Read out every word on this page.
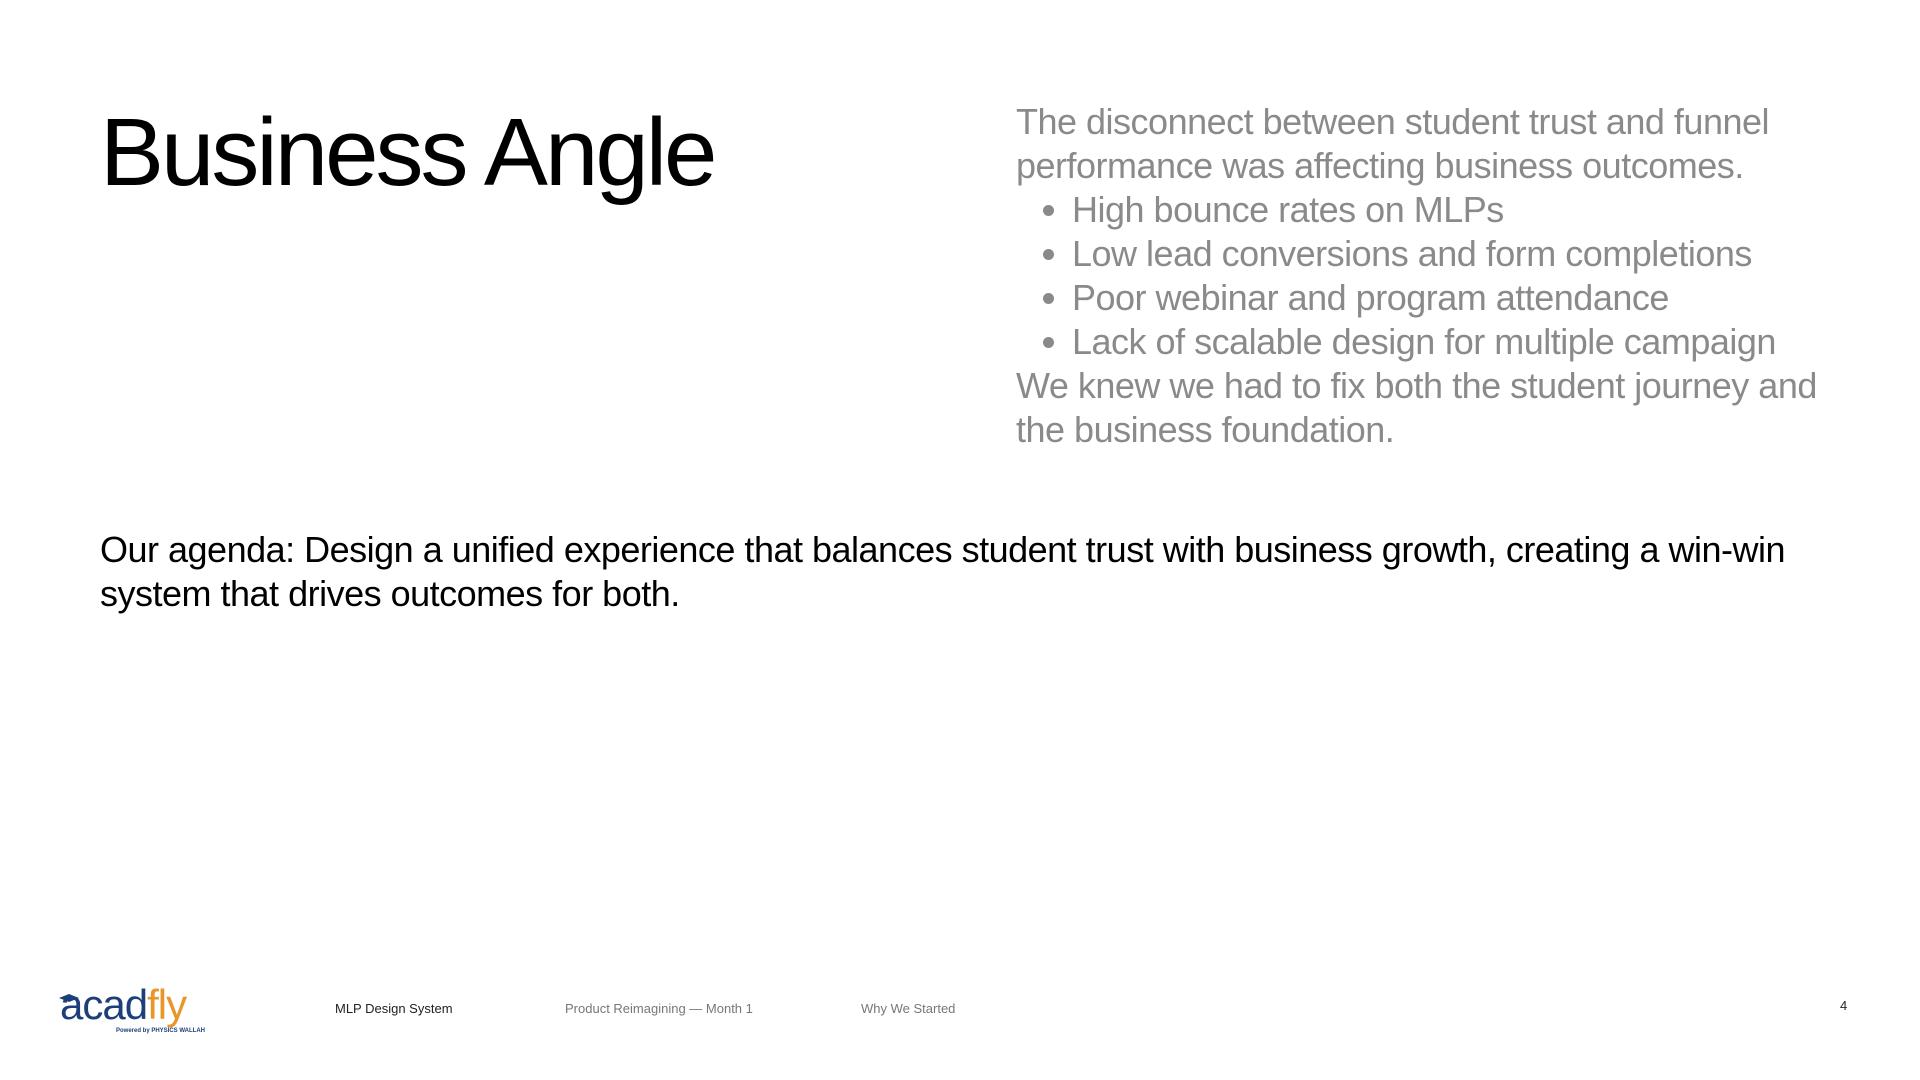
Business Angle	The disconnect between student trust and funnel performance was affecting business outcomes.

• High bounce rates on MLPs
• Low lead conversions and form completions
• Poor webinar and program attendance
• Lack of scalable design for multiple campaign

We knew we had to fix both the student journey and the business foundation.

Our agenda: Design a unified experience that balances student trust with business growth, creating a win-win system that drives outcomes for both.

acadfly
Powered by PHYSICS WALLAH
MLP Design System	Product Reimagining — Month 1	Why We Started	4
